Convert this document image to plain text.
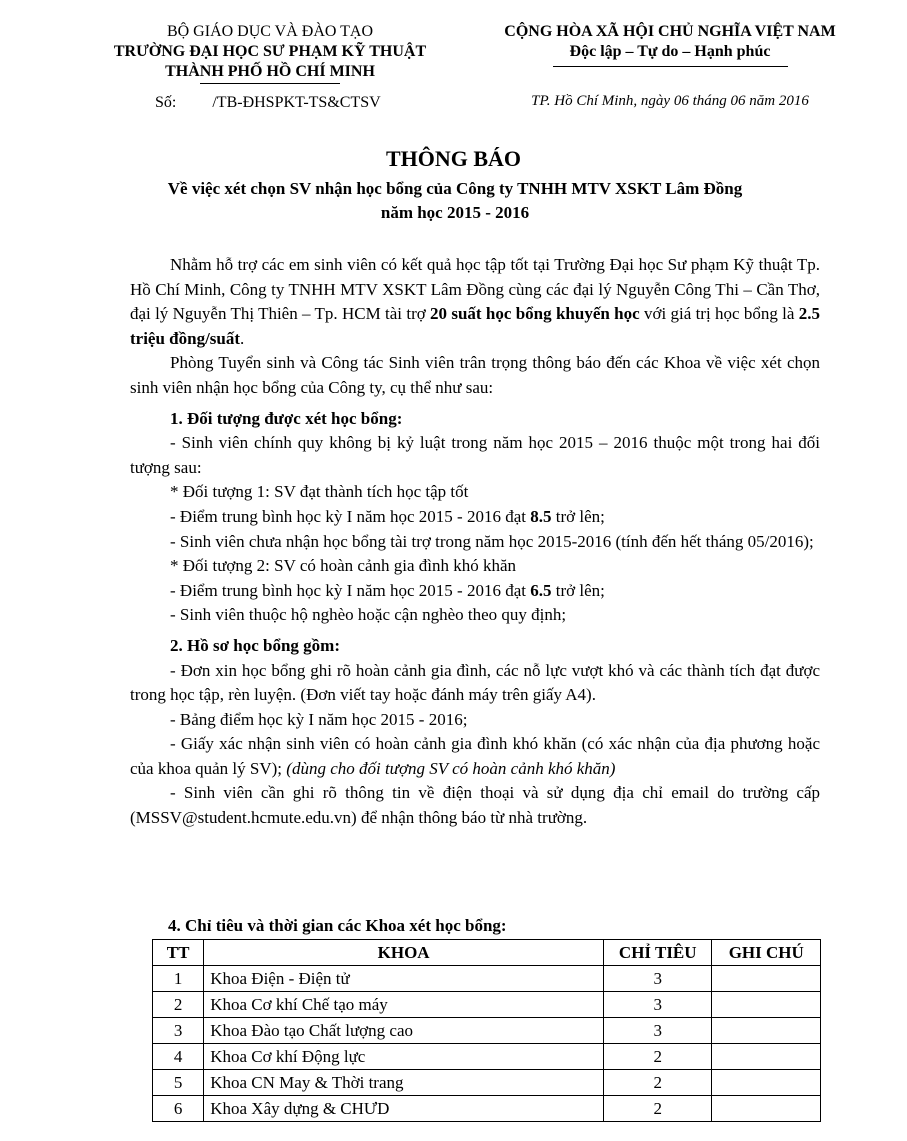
BỘ GIÁO DỤC VÀ ĐÀO TẠO
TRƯỜNG ĐẠI HỌC SƯ PHẠM KỸ THUẬT
THÀNH PHỐ HỒ CHÍ MINH
Số: /TB-ĐHSPKT-TS&CTSV
CỘNG HÒA XÃ HỘI CHỦ NGHĨA VIỆT NAM
Độc lập – Tự do – Hạnh phúc
TP. Hồ Chí Minh, ngày 06 tháng 06 năm 2016
THÔNG BÁO
Về việc xét chọn SV nhận học bổng của Công ty TNHH MTV XSKT Lâm Đồng
năm học 2015 - 2016

Nhằm hỗ trợ các em sinh viên có kết quả học tập tốt tại Trường Đại học Sư phạm Kỹ thuật Tp. Hồ Chí Minh, Công ty TNHH MTV XSKT Lâm Đồng cùng các đại lý Nguyễn Công Thi – Cần Thơ, đại lý Nguyễn Thị Thiên – Tp. HCM tài trợ 20 suất học bổng khuyến học với giá trị học bổng là 2.5 triệu đồng/suất.

Phòng Tuyển sinh và Công tác Sinh viên trân trọng thông báo đến các Khoa về việc xét chọn sinh viên nhận học bổng của Công ty, cụ thể như sau:

1. Đối tượng được xét học bổng:

- Sinh viên chính quy không bị kỷ luật trong năm học 2015 – 2016 thuộc một trong hai đối tượng sau:

* Đối tượng 1: SV đạt thành tích học tập tốt

- Điểm trung bình học kỳ I năm học 2015 - 2016 đạt 8.5 trở lên;

- Sinh viên chưa nhận học bổng tài trợ trong năm học 2015-2016 (tính đến hết tháng 05/2016);

* Đối tượng 2: SV có hoàn cảnh gia đình khó khăn

- Điểm trung bình học kỳ I năm học 2015 - 2016 đạt 6.5 trở lên;

- Sinh viên thuộc hộ nghèo hoặc cận nghèo theo quy định;

2. Hồ sơ học bổng gồm:

- Đơn xin học bổng ghi rõ hoàn cảnh gia đình, các nỗ lực vượt khó và các thành tích đạt được trong học tập, rèn luyện. (Đơn viết tay hoặc đánh máy trên giấy A4).

- Bảng điểm học kỳ I năm học 2015 - 2016;

- Giấy xác nhận sinh viên có hoàn cảnh gia đình khó khăn (có xác nhận của địa phương hoặc của khoa quản lý SV); (dùng cho đối tượng SV có hoàn cảnh khó khăn)

- Sinh viên cần ghi rõ thông tin về điện thoại và sử dụng địa chỉ email do trường cấp (MSSV@student.hcmute.edu.vn) để nhận thông báo từ nhà trường.

4. Chỉ tiêu và thời gian các Khoa xét học bổng:
TT	KHOA	CHỈ TIÊU	GHI CHÚ
1	Khoa Điện - Điện tử	3	
2	Khoa Cơ khí Chế tạo máy	3	
3	Khoa Đào tạo Chất lượng cao	3	
4	Khoa Cơ khí Động lực	2	
5	Khoa CN May & Thời trang	2	
6	Khoa Xây dựng & CHƯD	2	
